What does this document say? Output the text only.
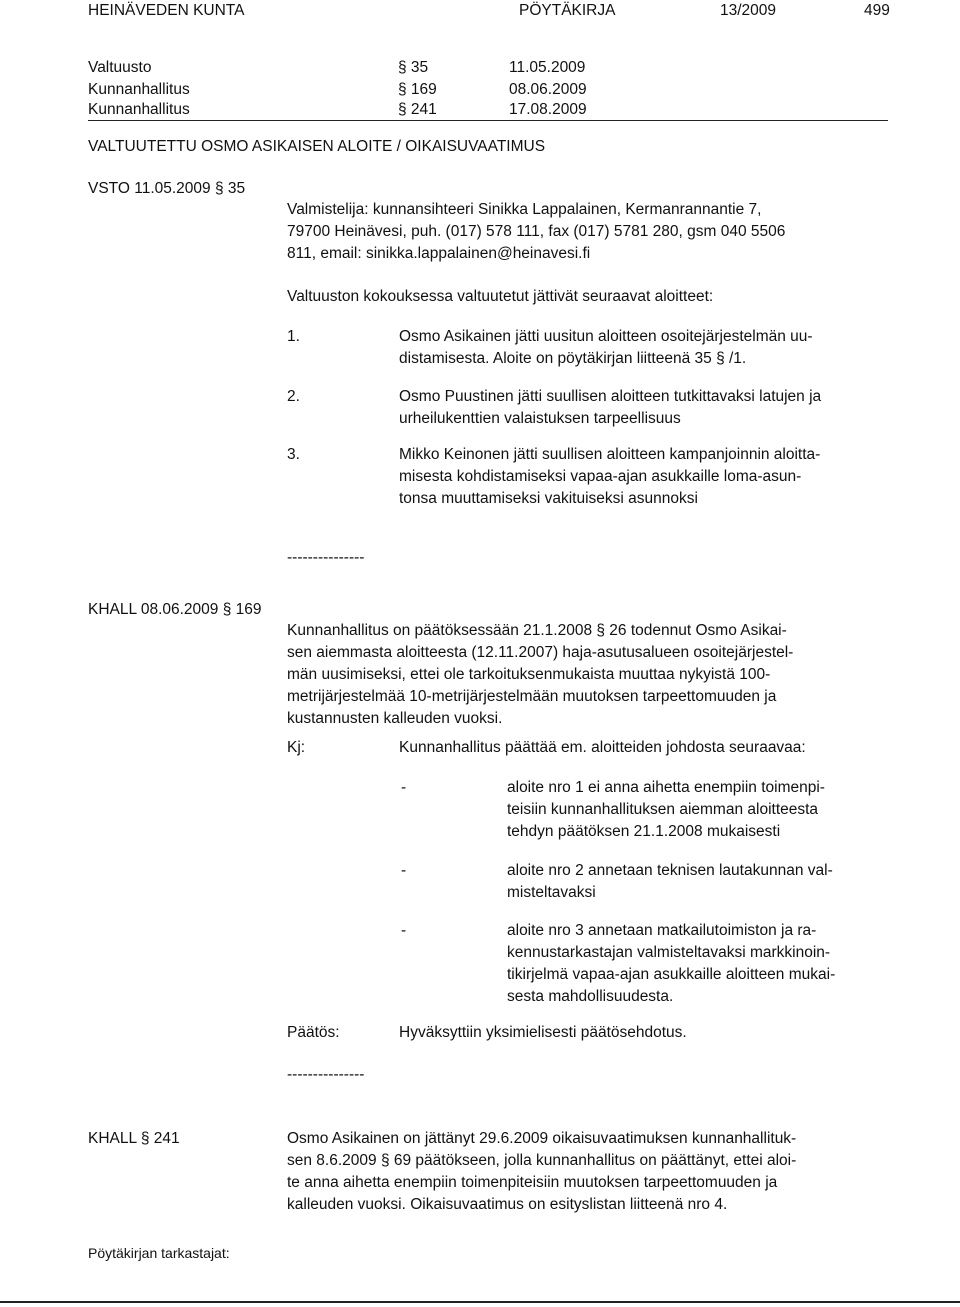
HEINÄVEDEN KUNTA	PÖYTÄKIRJA	13/2009	499
Valtuusto	§ 35	11.05.2009
Kunnanhallitus	§ 169	08.06.2009
Kunnanhallitus	§ 241	17.08.2009
VALTUUTETTU OSMO ASIKAISEN ALOITE / OIKAISUVAATIMUS
VSTO 11.05.2009 § 35
Valmistelija: kunnansihteeri Sinikka Lappalainen, Kermanrannantie 7,
79700 Heinävesi, puh. (017) 578 111, fax (017) 5781 280, gsm 040 5506
811, email: sinikka.lappalainen@heinavesi.fi
Valtuuston kokouksessa valtuutetut jättivät seuraavat aloitteet:
1.	Osmo Asikainen jätti uusitun aloitteen osoitejärjestelmän uu-
distamisesta. Aloite on pöytäkirjan liitteenä 35 § /1.
2.	Osmo Puustinen jätti suullisen aloitteen tutkittavaksi latujen ja
urheilukenttien valaistuksen tarpeellisuus
3.	Mikko Keinonen jätti suullisen aloitteen kampanjoinnin aloitta-
misesta kohdistamiseksi vapaa-ajan asukkaille loma-asun-
tonsa muuttamiseksi vakituiseksi asunnoksi
---------------
KHALL 08.06.2009 § 169
Kunnanhallitus on päätöksessään 21.1.2008 § 26 todennut Osmo Asikai-
sen aiemmasta aloitteesta (12.11.2007) haja-asutusalueen osoitejärjestel-
män uusimiseksi, ettei ole tarkoituksenmukaista muuttaa nykyistä 100-
metrijärjestelmää 10-metrijärjestelmään muutoksen tarpeettomuuden ja
kustannusten kalleuden vuoksi.
Kj:	Kunnanhallitus päättää em. aloitteiden johdosta seuraavaa:
-	aloite nro 1 ei anna aihetta enempiin toimenpi-
teisiin kunnanhallituksen aiemman aloitteesta
tehdyn päätöksen 21.1.2008 mukaisesti
-	aloite nro 2 annetaan teknisen lautakunnan val-
misteltavaksi
-	aloite nro 3 annetaan matkailutoimiston ja ra-
kennustarkastajan valmisteltavaksi markkinoin-
tikirjelmä vapaa-ajan asukkaille aloitteen mukai-
sesta mahdollisuudesta.
Päätös:	Hyväksyttiin yksimielisesti päätösehdotus.
---------------
KHALL § 241	Osmo Asikainen on jättänyt 29.6.2009 oikaisuvaatimuksen kunnanhallituk-
sen 8.6.2009 § 69 päätökseen, jolla kunnanhallitus on päättänyt, ettei aloi-
te anna aihetta enempiin toimenpiteisiin muutoksen tarpeettomuuden ja
kalleuden vuoksi. Oikaisuvaatimus on esityslistan liitteenä nro 4.
Pöytäkirjan tarkastajat:
